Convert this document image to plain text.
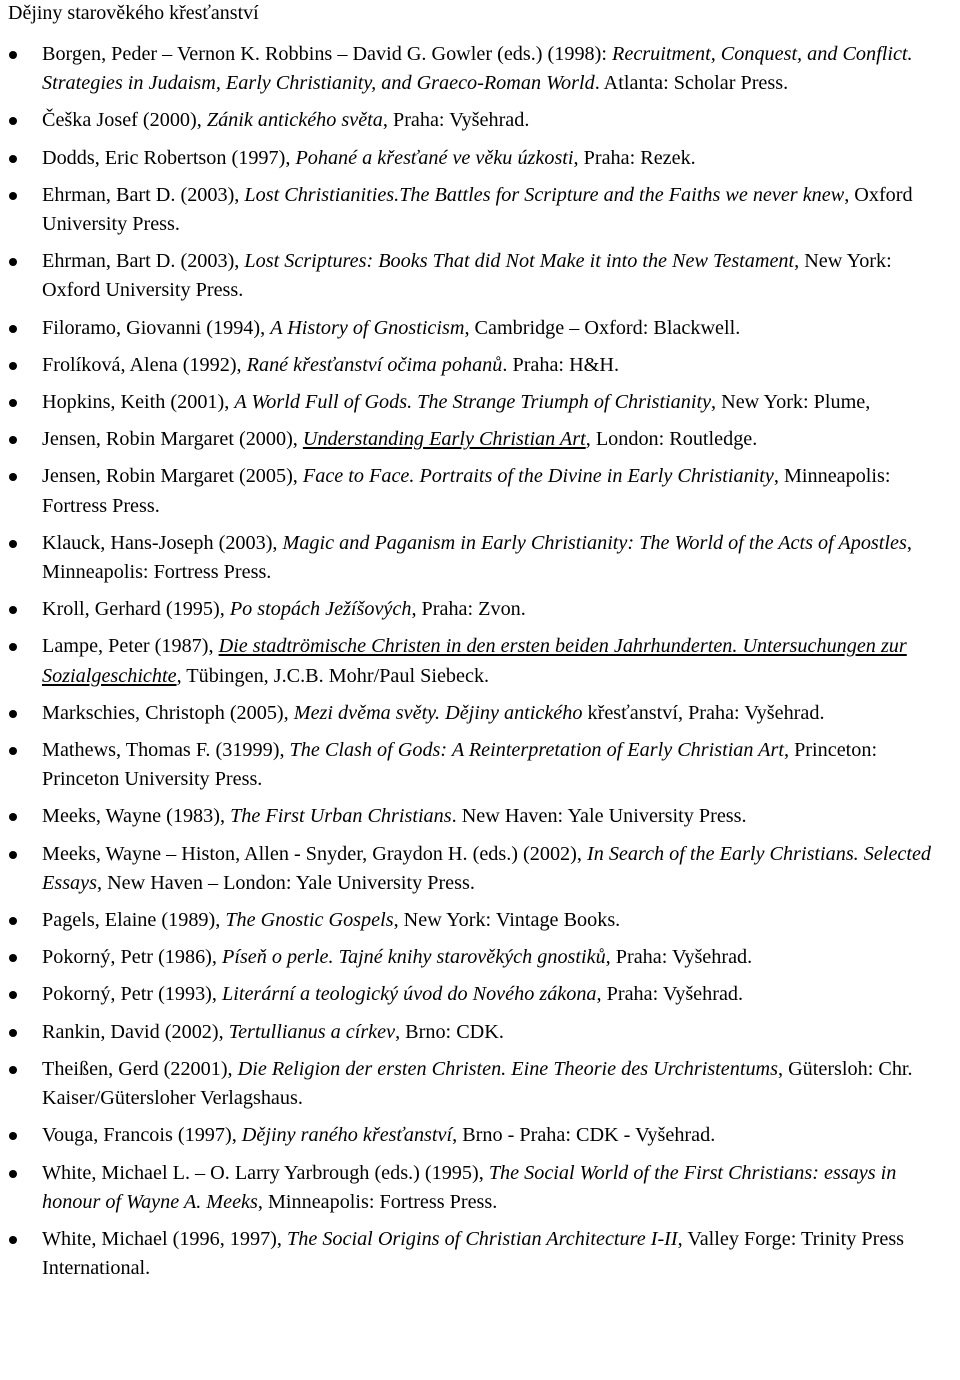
Dějiny starověkého křesťanství
Borgen, Peder – Vernon K. Robbins – David G. Gowler (eds.) (1998): Recruitment, Conquest, and Conflict. Strategies in Judaism, Early Christianity, and Graeco-Roman World. Atlanta: Scholar Press.
Češka Josef (2000), Zánik antického světa, Praha: Vyšehrad.
Dodds, Eric Robertson (1997), Pohané a křesťané ve věku úzkosti, Praha: Rezek.
Ehrman, Bart D. (2003), Lost Christianities.The Battles for Scripture and the Faiths we never knew, Oxford University Press.
Ehrman, Bart D. (2003), Lost Scriptures: Books That did Not Make it into the New Testament, New York: Oxford University Press.
Filoramo, Giovanni (1994), A History of Gnosticism, Cambridge – Oxford: Blackwell.
Frolíková, Alena (1992), Rané křesťanství očima pohanů. Praha: H&H.
Hopkins, Keith (2001), A World Full of Gods. The Strange Triumph of Christianity, New York: Plume,
Jensen, Robin Margaret (2000), Understanding Early Christian Art, London: Routledge.
Jensen, Robin Margaret (2005), Face to Face. Portraits of the Divine in Early Christianity, Minneapolis: Fortress Press.
Klauck, Hans-Joseph (2003), Magic and Paganism in Early Christianity: The World of the Acts of Apostles, Minneapolis: Fortress Press.
Kroll, Gerhard (1995), Po stopách Ježíšových, Praha: Zvon.
Lampe, Peter (1987), Die stadtrömische Christen in den ersten beiden Jahrhunderten. Untersuchungen zur Sozialgeschichte, Tübingen, J.C.B. Mohr/Paul Siebeck.
Markschies, Christoph (2005), Mezi dvěma světy. Dějiny antického křesťanství, Praha: Vyšehrad.
Mathews, Thomas F. (31999), The Clash of Gods: A Reinterpretation of Early Christian Art, Princeton: Princeton University Press.
Meeks, Wayne (1983), The First Urban Christians. New Haven: Yale University Press.
Meeks, Wayne – Histon, Allen - Snyder, Graydon H. (eds.) (2002), In Search of the Early Christians. Selected Essays, New Haven – London: Yale University Press.
Pagels, Elaine (1989), The Gnostic Gospels, New York: Vintage Books.
Pokorný, Petr (1986), Píseň o perle. Tajné knihy starověkých gnostiků, Praha: Vyšehrad.
Pokorný, Petr (1993), Literární a teologický úvod do Nového zákona, Praha: Vyšehrad.
Rankin, David (2002), Tertullianus a církev, Brno: CDK.
Theißen, Gerd (22001), Die Religion der ersten Christen. Eine Theorie des Urchristentums, Gütersloh: Chr. Kaiser/Gütersloher Verlagshaus.
Vouga, Francois (1997), Dějiny raného křesťanství, Brno - Praha: CDK - Vyšehrad.
White, Michael L. – O. Larry Yarbrough (eds.) (1995), The Social World of the First Christians: essays in honour of Wayne A. Meeks, Minneapolis: Fortress Press.
White, Michael (1996, 1997), The Social Origins of Christian Architecture I-II, Valley Forge: Trinity Press International.
